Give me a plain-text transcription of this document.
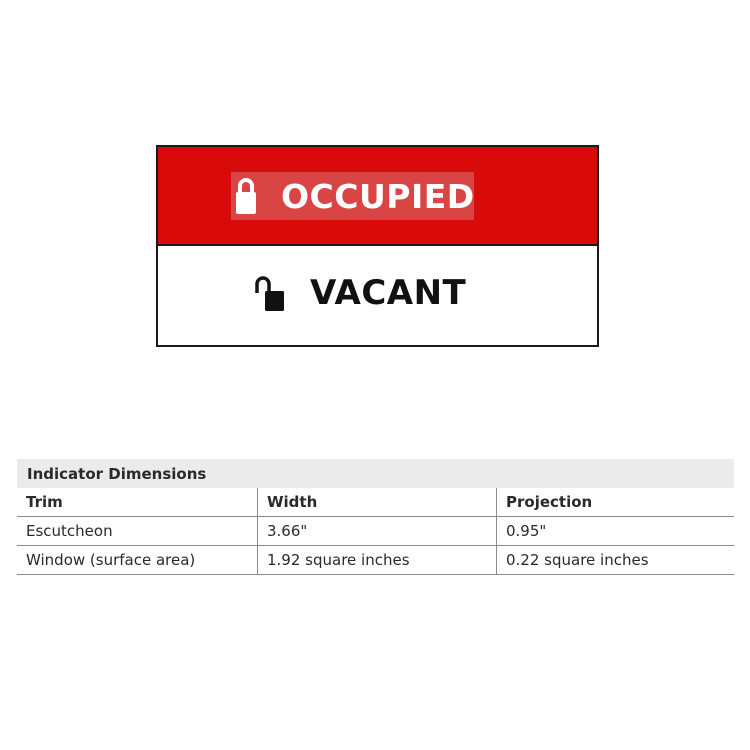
OCCUPIED
VACANT
Indicator Dimensions
Trim	Width	Projection
Escutcheon	3.66"	0.95"
Window (surface area)	1.92 square inches	0.22 square inches
